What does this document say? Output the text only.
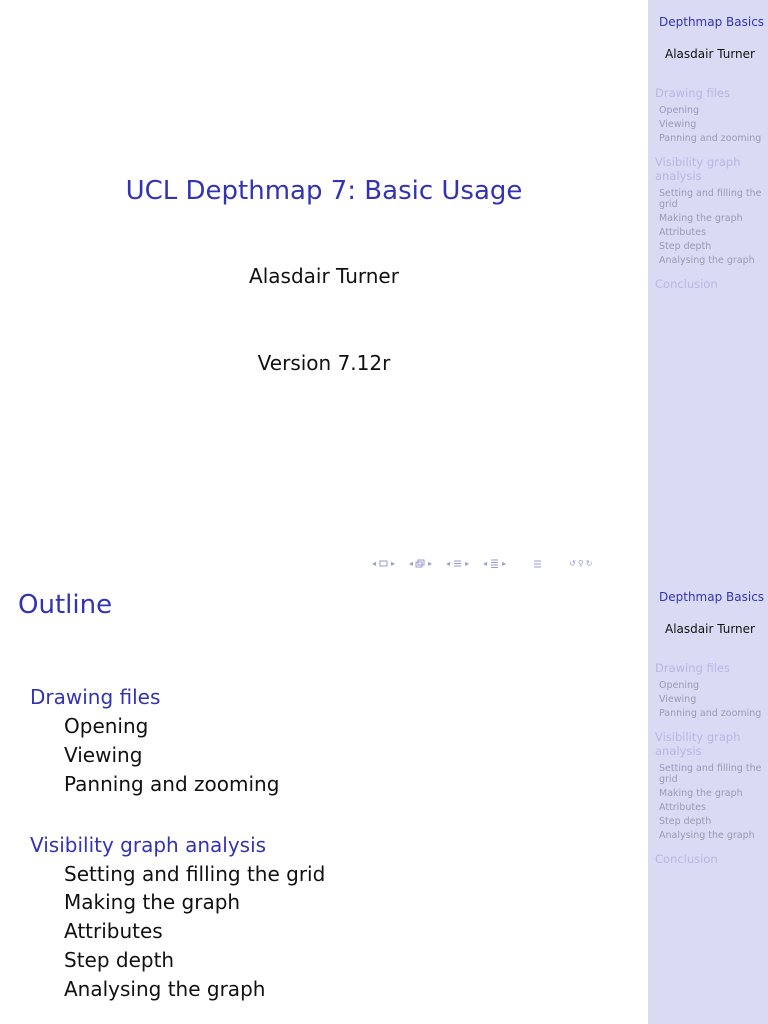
UCL Depthmap 7: Basic Usage
Alasdair Turner
Version 7.12r
◂ ▸ ◂ ▸ ◂ ▸ ◂ ▸	↺ ⚲ ↻
Depthmap Basics
Alasdair Turner
Drawing files
Opening
Viewing
Panning and zooming
Visibility graph analysis
Setting and filling the grid
Making the graph
Attributes
Step depth
Analysing the graph
Conclusion
Outline
Drawing files
Opening
Viewing
Panning and zooming
Visibility graph analysis
Setting and filling the grid
Making the graph
Attributes
Step depth
Analysing the graph
Depthmap Basics
Alasdair Turner
Drawing files
Opening
Viewing
Panning and zooming
Visibility graph analysis
Setting and filling the grid
Making the graph
Attributes
Step depth
Analysing the graph
Conclusion
